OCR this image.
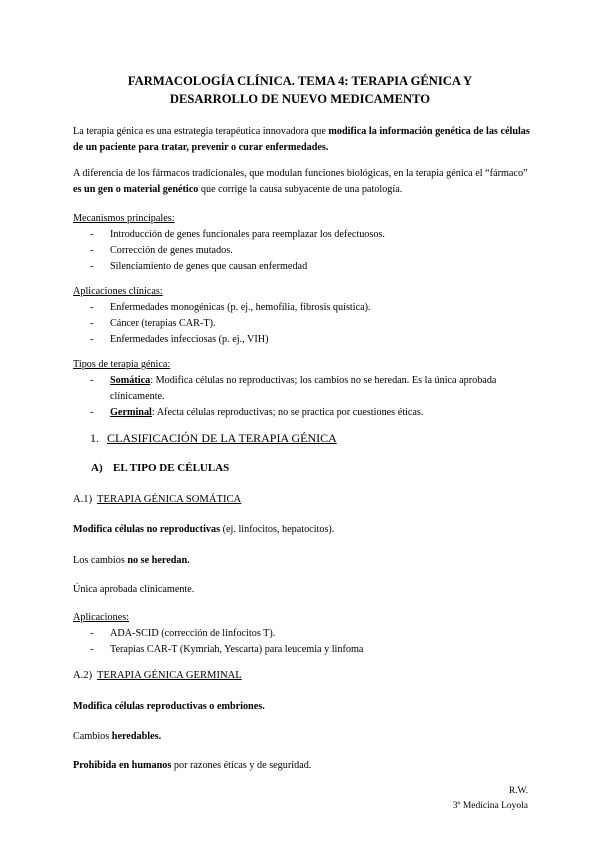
FARMACOLOGÍA CLÍNICA. TEMA 4: TERAPIA GÉNICA Y
DESARROLLO DE NUEVO MEDICAMENTO
La terapia génica es una estrategia terapéutica innovadora que modifica la información genética de las células de un paciente para tratar, prevenir o curar enfermedades.
A diferencia de los fármacos tradicionales, que modulan funciones biológicas, en la terapia génica el “fármaco” es un gen o material genético que corrige la causa subyacente de una patología.
Mecanismos principales:
- Introducción de genes funcionales para reemplazar los defectuosos.
- Corrección de genes mutados.
- Silenciamiento de genes que causan enfermedad
Aplicaciones clínicas:
- Enfermedades monogénicas (p. ej., hemofilia, fibrosis quística).
- Cáncer (terapias CAR-T).
- Enfermedades infecciosas (p. ej., VIH)
Tipos de terapia génica:
- Somática: Modifica células no reproductivas; los cambios no se heredan. Es la única aprobada clínicamente.
- Germinal: Afecta células reproductivas; no se practica por cuestiones éticas.
1. CLASIFICACIÓN DE LA TERAPIA GÉNICA
A) EL TIPO DE CÉLULAS
A.1) TERAPIA GÉNICA SOMÁTICA
Modifica células no reproductivas (ej. linfocitos, hepatocitos).
Los cambios no se heredan.
Única aprobada clínicamente.
Aplicaciones:
- ADA-SCID (corrección de linfocitos T).
- Terapias CAR-T (Kymriah, Yescarta) para leucemia y linfoma
A.2) TERAPIA GÉNICA GERMINAL
Modifica células reproductivas o embriones.
Cambios heredables.
Prohibida en humanos por razones éticas y de seguridad.
R.W.
3º Medicina Loyola
